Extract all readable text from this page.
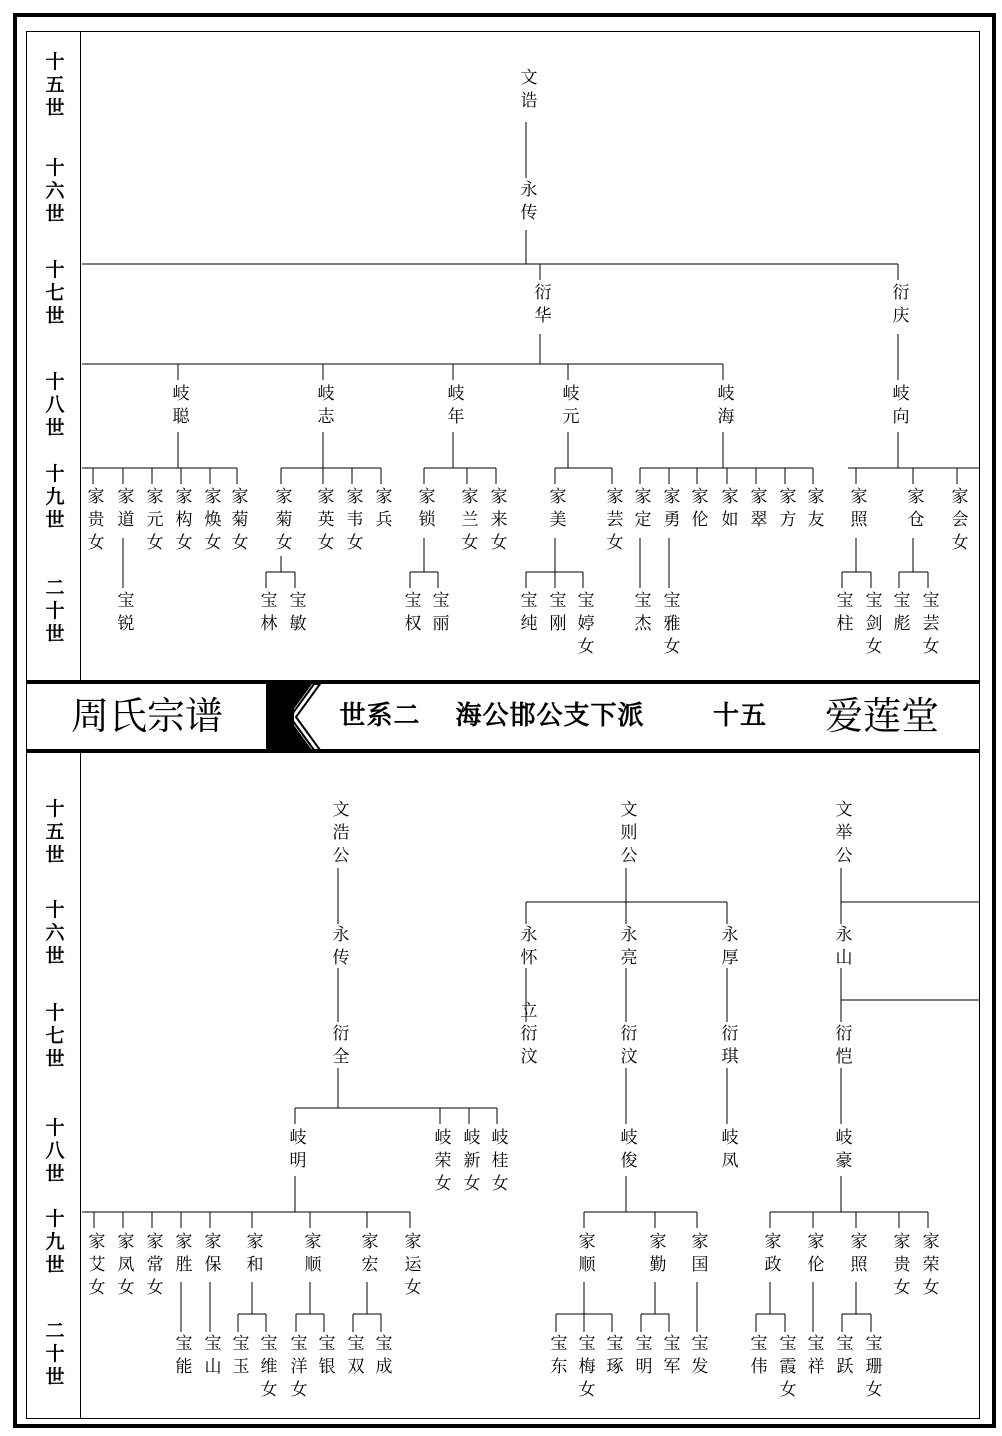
周氏宗谱	世系二 海公邯公支下派	十五 爱莲堂
十五世
十六世
十七世
十八世
十九世
二十世
十五世
十六世
十七世
十八世
十九世
二十世
文诰
永传
衍华	衍庆
岐聪	岐志	岐年	岐元	岐海	岐向
家贵女 家道 家元女 家构女 家焕女 家菊女 家菊女 家英女 家韦女 家兵 家锁 家兰女 家来女 家美 家芸女 家定 家勇 家伦 家如 家翠 家方 家友 家照 家仓 家会女
宝锐	宝林 宝敏	宝权 宝丽	宝纯 宝刚 宝婷女 宝杰 宝雅女	宝柱 宝剑女 宝彪 宝芸女
文浩公	文则公	文举公
永传	永怀	永亮	永厚	永山
衍全	立衍汶	衍汶	衍琪	衍恺
岐明	岐荣女 岐新女 岐桂女	岐俊	岐凤	岐豪
家艾女 家凤女 家常女 家胜 家保 家和 家顺 家宏 家运女	家顺	家勤 家国	家政 家伦 家照 家贵女 家荣女
宝能 宝山 宝玉 宝维女 宝洋女 宝银 宝双 宝成	宝东 宝梅女 宝琢 宝明 宝军 宝发 宝伟 宝霞女 宝祥 宝跃 宝珊女
